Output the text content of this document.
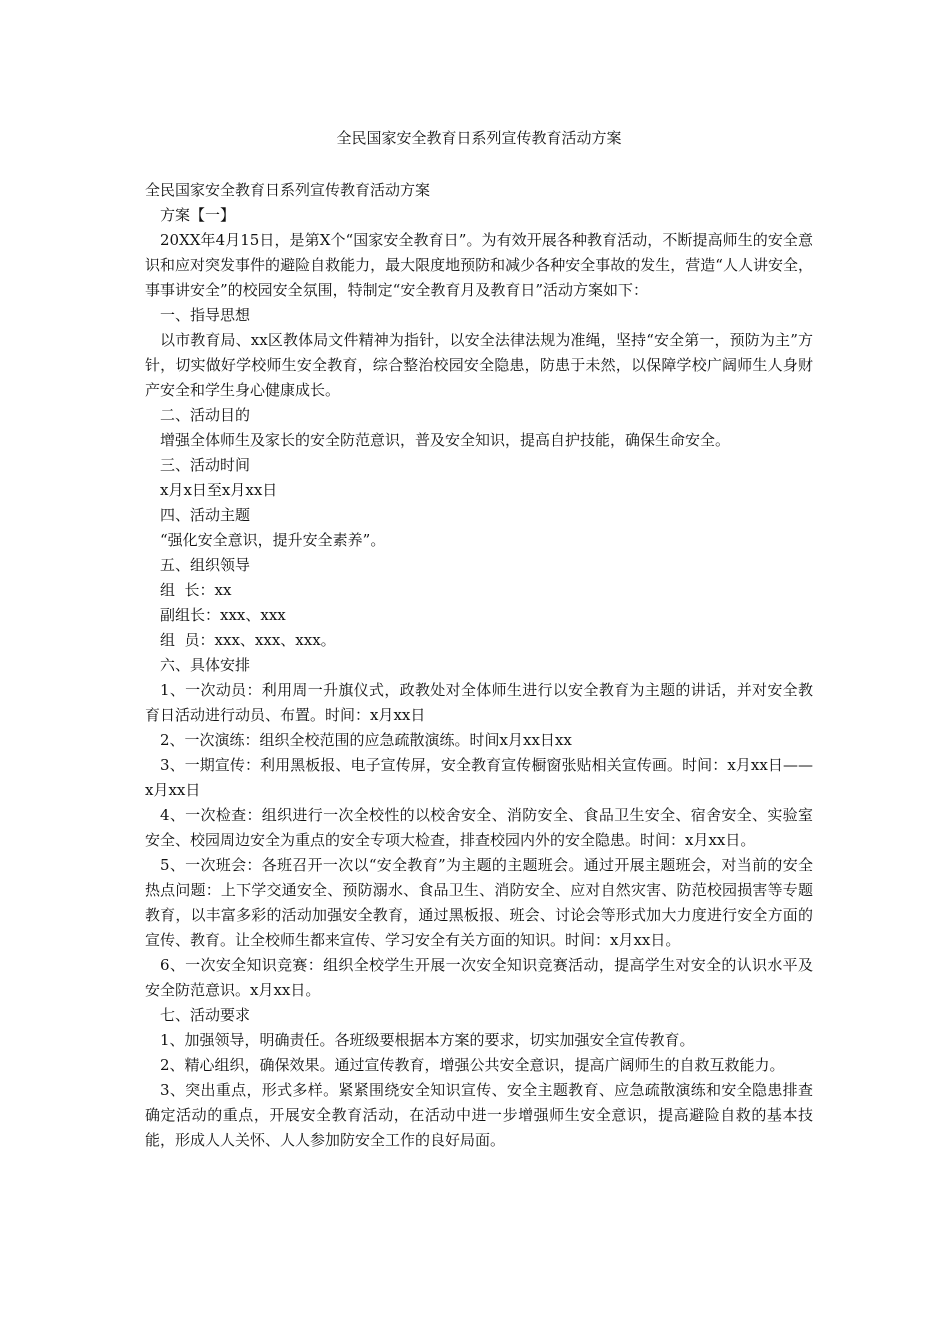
全民国家安全教育日系列宣传教育活动方案

全民国家安全教育日系列宣传教育活动方案

方案【一】

20XX年4月15日，是第X个“国家安全教育日”。为有效开展各种教育活动，不断提高师生的安全意识和应对突发事件的避险自救能力，最大限度地预防和减少各种安全事故的发生，营造“人人讲安全，事事讲安全”的校园安全氛围，特制定“安全教育月及教育日”活动方案如下：

一、指导思想

以市教育局、xx区教体局文件精神为指针，以安全法律法规为准绳，坚持“安全第一，预防为主”方针，切实做好学校师生安全教育，综合整治校园安全隐患，防患于未然，以保障学校广阔师生人身财产安全和学生身心健康成长。

二、活动目的

增强全体师生及家长的安全防范意识，普及安全知识，提高自护技能，确保生命安全。

三、活动时间

x月x日至x月xx日

四、活动主题

“强化安全意识，提升安全素养”。

五、组织领导

组  长：xx

副组长：xxx、xxx

组  员：xxx、xxx、xxx。

六、具体安排

1、一次动员：利用周一升旗仪式，政教处对全体师生进行以安全教育为主题的讲话，并对安全教育日活动进行动员、布置。时间：x月xx日

2、一次演练：组织全校范围的应急疏散演练。时间x月xx日xx

3、一期宣传：利用黑板报、电子宣传屏，安全教育宣传橱窗张贴相关宣传画。时间：x月xx日——x月xx日

4、一次检查：组织进行一次全校性的以校舍安全、消防安全、食品卫生安全、宿舍安全、实验室安全、校园周边安全为重点的安全专项大检查，排查校园内外的安全隐患。时间：x月xx日。

5、一次班会：各班召开一次以“安全教育”为主题的主题班会。通过开展主题班会，对当前的安全热点问题：上下学交通安全、预防溺水、食品卫生、消防安全、应对自然灾害、防范校园损害等专题教育，以丰富多彩的活动加强安全教育，通过黑板报、班会、讨论会等形式加大力度进行安全方面的宣传、教育。让全校师生都来宣传、学习安全有关方面的知识。时间：x月xx日。

6、一次安全知识竞赛：组织全校学生开展一次安全知识竞赛活动，提高学生对安全的认识水平及安全防范意识。x月xx日。

七、活动要求

1、加强领导，明确责任。各班级要根据本方案的要求，切实加强安全宣传教育。

2、精心组织，确保效果。通过宣传教育，增强公共安全意识，提高广阔师生的自救互救能力。

3、突出重点，形式多样。紧紧围绕安全知识宣传、安全主题教育、应急疏散演练和安全隐患排查确定活动的重点，开展安全教育活动，在活动中进一步增强师生安全意识，提高避险自救的基本技能，形成人人关怀、人人参加防安全工作的良好局面。
